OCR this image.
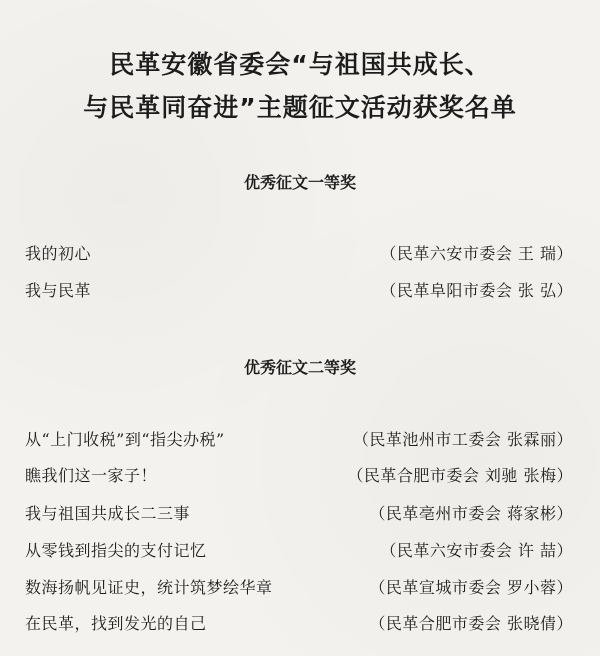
民革安徽省委会“与祖国共成长、
与民革同奋进”主题征文活动获奖名单
优秀征文一等奖
我的初心	（民革六安市委会 王 瑞）
我与民革	（民革阜阳市委会 张 弘）
优秀征文二等奖
从“上门收税”到“指尖办税”	（民革池州市工委会 张霖丽）
瞧我们这一家子！	（民革合肥市委会 刘驰 张梅）
我与祖国共成长二三事	（民革亳州市委会 蒋家彬）
从零钱到指尖的支付记忆	（民革六安市委会 许 喆）
数海扬帆见证史，统计筑梦绘华章	（民革宣城市委会 罗小蓉）
在民革，找到发光的自己	（民革合肥市委会 张晓倩）
